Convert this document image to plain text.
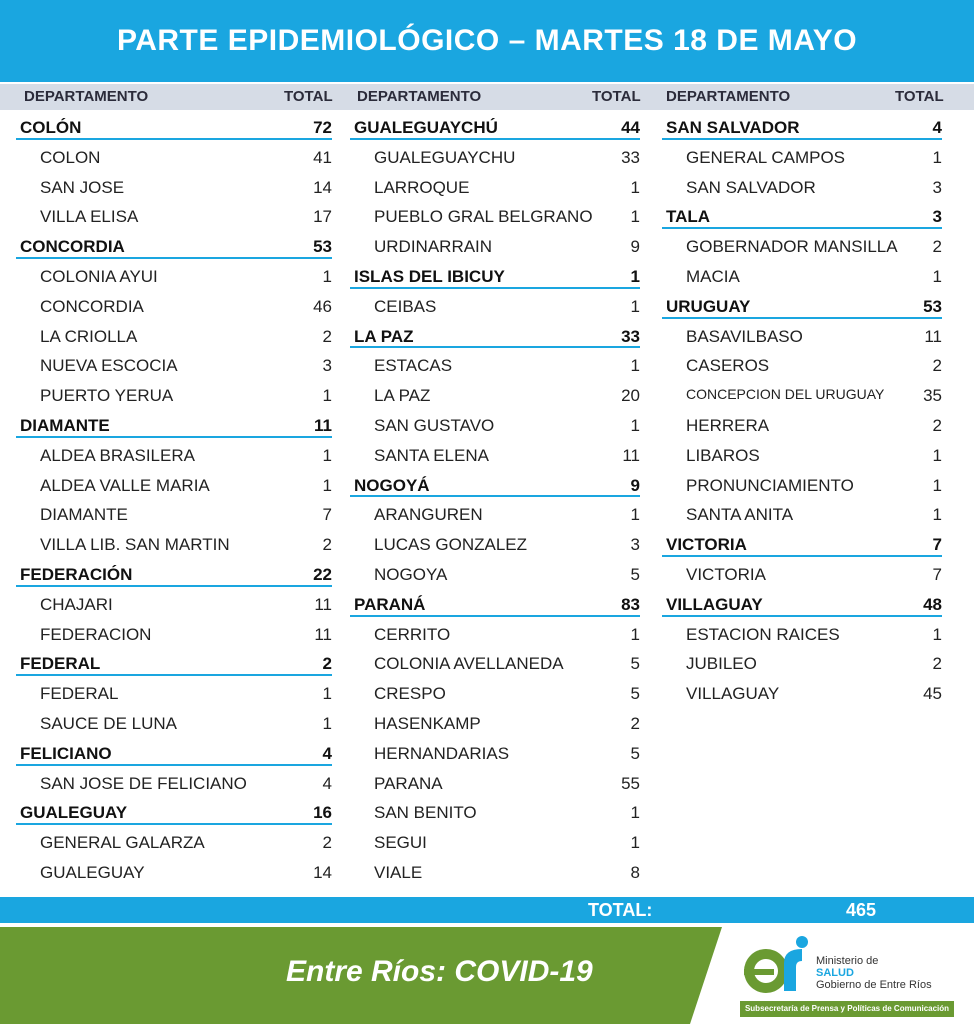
PARTE EPIDEMIOLÓGICO – MARTES 18 DE MAYO
DEPARTAMENTO	TOTAL DEPARTAMENTO	TOTAL DEPARTAMENTO	TOTAL
COLÓN	72
COLON	41
SAN JOSE	14
VILLA ELISA	17
CONCORDIA	53
COLONIA AYUI	1
CONCORDIA	46
LA CRIOLLA	2
NUEVA ESCOCIA	3
PUERTO YERUA	1
DIAMANTE	11
ALDEA BRASILERA	1
ALDEA VALLE MARIA	1
DIAMANTE	7
VILLA LIB. SAN MARTIN	2
FEDERACIÓN	22
CHAJARI	11
FEDERACION	11
FEDERAL	2
FEDERAL	1
SAUCE DE LUNA	1
FELICIANO	4
SAN JOSE DE FELICIANO	4
GUALEGUAY	16
GENERAL GALARZA	2
GUALEGUAY	14
GUALEGUAYCHÚ	44
GUALEGUAYCHU	33
LARROQUE	1
PUEBLO GRAL BELGRANO 1
URDINARRAIN	9
ISLAS DEL IBICUY	1
CEIBAS	1
LA PAZ	33
ESTACAS	1
LA PAZ	20
SAN GUSTAVO	1
SANTA ELENA	11
NOGOYÁ	9
ARANGUREN	1
LUCAS GONZALEZ	3
NOGOYA	5
PARANÁ	83
CERRITO	1
COLONIA AVELLANEDA	5
CRESPO	5
HASENKAMP	2
HERNANDARIAS	5
PARANA	55
SAN BENITO	1
SEGUI	1
VIALE	8
SAN SALVADOR	4
GENERAL CAMPOS	1
SAN SALVADOR	3
TALA	3
GOBERNADOR MANSILLA 2
MACIA	1
URUGUAY	53
BASAVILBASO	11
CASEROS	2
CONCEPCION DEL URUGUAY 35
HERRERA	2
LIBAROS	1
PRONUNCIAMIENTO	1
SANTA ANITA	1
VICTORIA	7
VICTORIA	7
VILLAGUAY	48
ESTACION RAICES	1
JUBILEO	2
VILLAGUAY	45
TOTAL:	465
Entre Ríos: COVID-19	Ministerio de
SALUD
Gobierno de Entre Ríos
Subsecretaría de Prensa y Políticas de Comunicación
